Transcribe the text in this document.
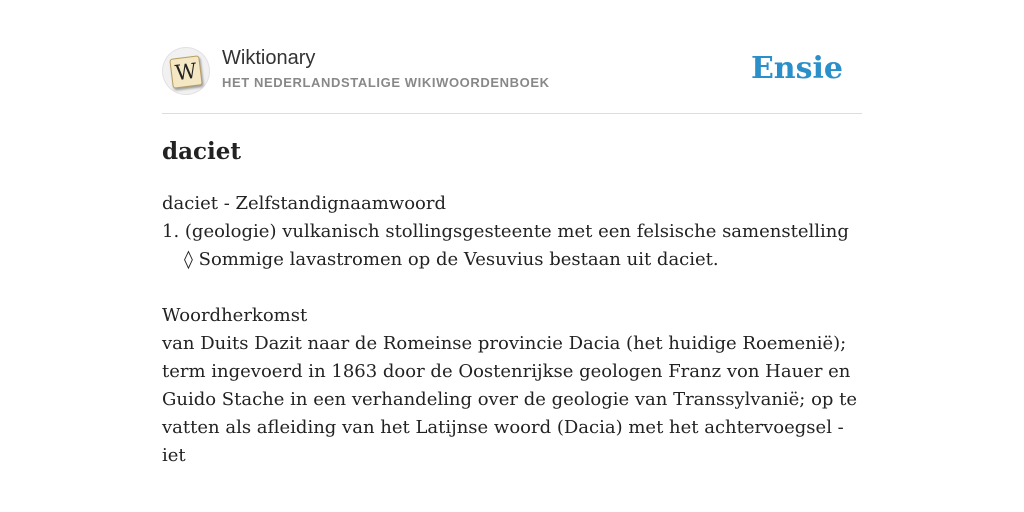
W
Wiktionary
HET NEDERLANDSTALIGE WIKIWOORDENBOEK	Ensie
daciet
daciet - Zelfstandignaamwoord
1. (geologie) vulkanisch stollingsgesteente met een felsische samenstelling
◊ Sommige lavastromen op de Vesuvius bestaan uit daciet.
Woordherkomst
van Duits Dazit naar de Romeinse provincie Dacia (het huidige Roemenië); term ingevoerd in 1863 door de Oostenrijkse geologen Franz von Hauer en Guido Stache in een verhandeling over de geologie van Transsylvanië; op te vatten als afleiding van het Latijnse woord (Dacia) met het achtervoegsel -iet
